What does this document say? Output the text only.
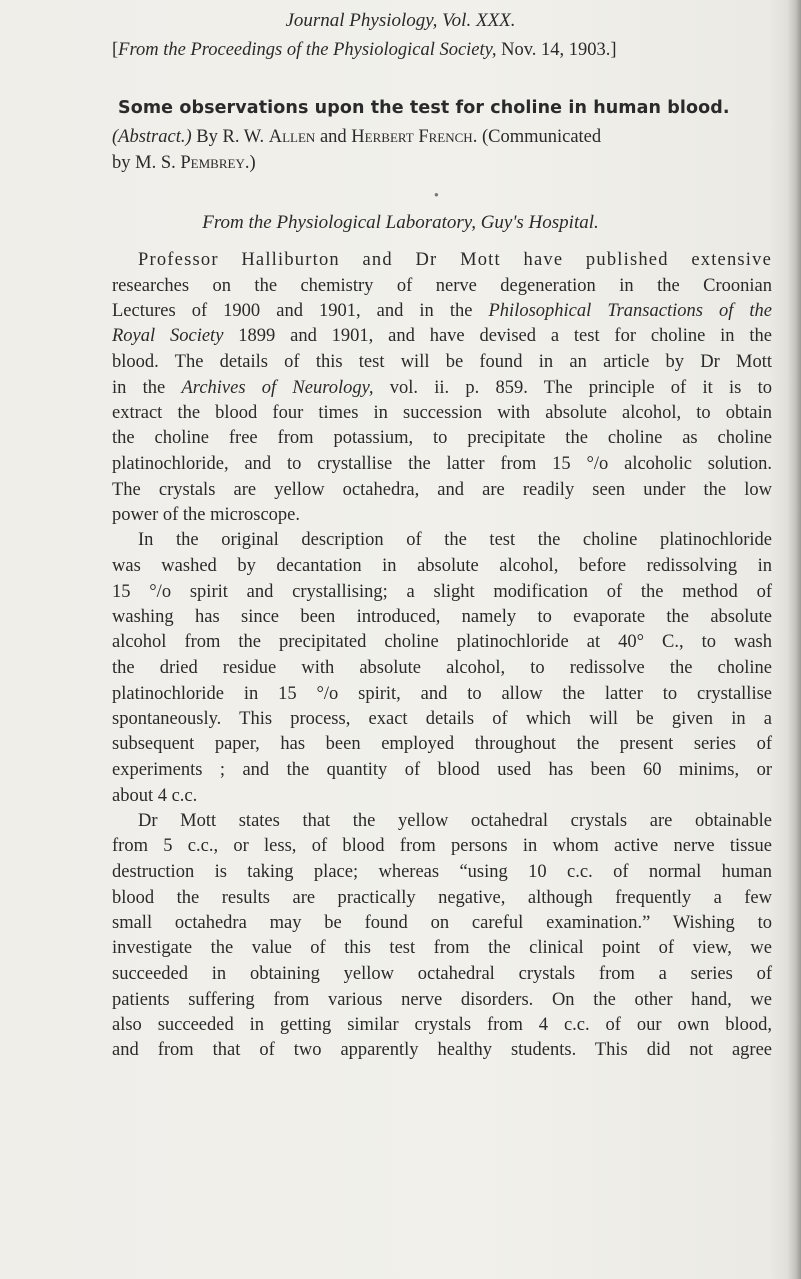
Journal Physiology, Vol. XXX.
[From the Proceedings of the Physiological Society, Nov. 14, 1903.]
Some observations upon the test for choline in human blood.
(Abstract.) By R. W. Allen and Herbert French. (Communicated
by M. S. Pembrey.)
●
From the Physiological Laboratory, Guy's Hospital.
Professor Halliburton and Dr Mott have published extensive
researches on the chemistry of nerve degeneration in the Croonian
Lectures of 1900 and 1901, and in the Philosophical Transactions of the
Royal Society 1899 and 1901, and have devised a test for choline in the
blood. The details of this test will be found in an article by Dr Mott
in the Archives of Neurology, vol. ii. p. 859. The principle of it is to
extract the blood four times in succession with absolute alcohol, to obtain
the choline free from potassium, to precipitate the choline as choline
platinochloride, and to crystallise the latter from 15 °/o alcoholic solution.
The crystals are yellow octahedra, and are readily seen under the low
power of the microscope.
In the original description of the test the choline platinochloride
was washed by decantation in absolute alcohol, before redissolving in
15 °/o spirit and crystallising; a slight modification of the method of
washing has since been introduced, namely to evaporate the absolute
alcohol from the precipitated choline platinochloride at 40° C., to wash
the dried residue with absolute alcohol, to redissolve the choline
platinochloride in 15 °/o spirit, and to allow the latter to crystallise
spontaneously. This process, exact details of which will be given in a
subsequent paper, has been employed throughout the present series of
experiments ; and the quantity of blood used has been 60 minims, or
about 4 c.c.
Dr Mott states that the yellow octahedral crystals are obtainable
from 5 c.c., or less, of blood from persons in whom active nerve tissue
destruction is taking place; whereas “using 10 c.c. of normal human
blood the results are practically negative, although frequently a few
small octahedra may be found on careful examination.” Wishing to
investigate the value of this test from the clinical point of view, we
succeeded in obtaining yellow octahedral crystals from a series of
patients suffering from various nerve disorders. On the other hand, we
also succeeded in getting similar crystals from 4 c.c. of our own blood,
and from that of two apparently healthy students. This did not agree
